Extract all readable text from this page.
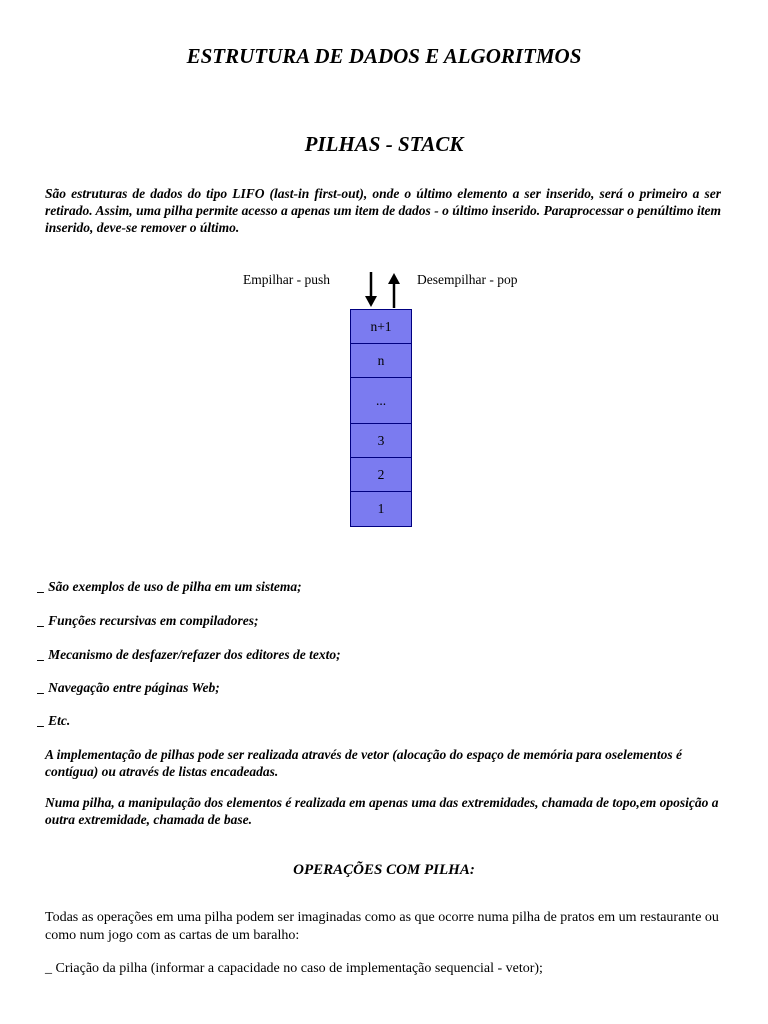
ESTRUTURA DE DADOS E ALGORITMOS
PILHAS - STACK

São estruturas de dados do tipo LIFO (last-in first-out), onde o último elemento a ser inserido, será o primeiro a ser retirado. Assim, uma pilha permite acesso a apenas um item de dados - o último inserido. Paraprocessar o penúltimo item inserido, deve-se remover o último.

Empilhar - push	Desempilhar - pop
n+1
n
...
3
2
1

_ São exemplos de uso de pilha em um sistema;

_ Funções recursivas em compiladores;

_ Mecanismo de desfazer/refazer dos editores de texto;

_ Navegação entre páginas Web;

_ Etc.

A implementação de pilhas pode ser realizada através de vetor (alocação do espaço de memória para oselementos é contígua) ou através de listas encadeadas.

Numa pilha, a manipulação dos elementos é realizada em apenas uma das extremidades, chamada de topo,em oposição a outra extremidade, chamada de base.

OPERAÇÕES COM PILHA:

Todas as operações em uma pilha podem ser imaginadas como as que ocorre numa pilha de pratos em um restaurante ou como num jogo com as cartas de um baralho:

_ Criação da pilha (informar a capacidade no caso de implementação sequencial - vetor);
